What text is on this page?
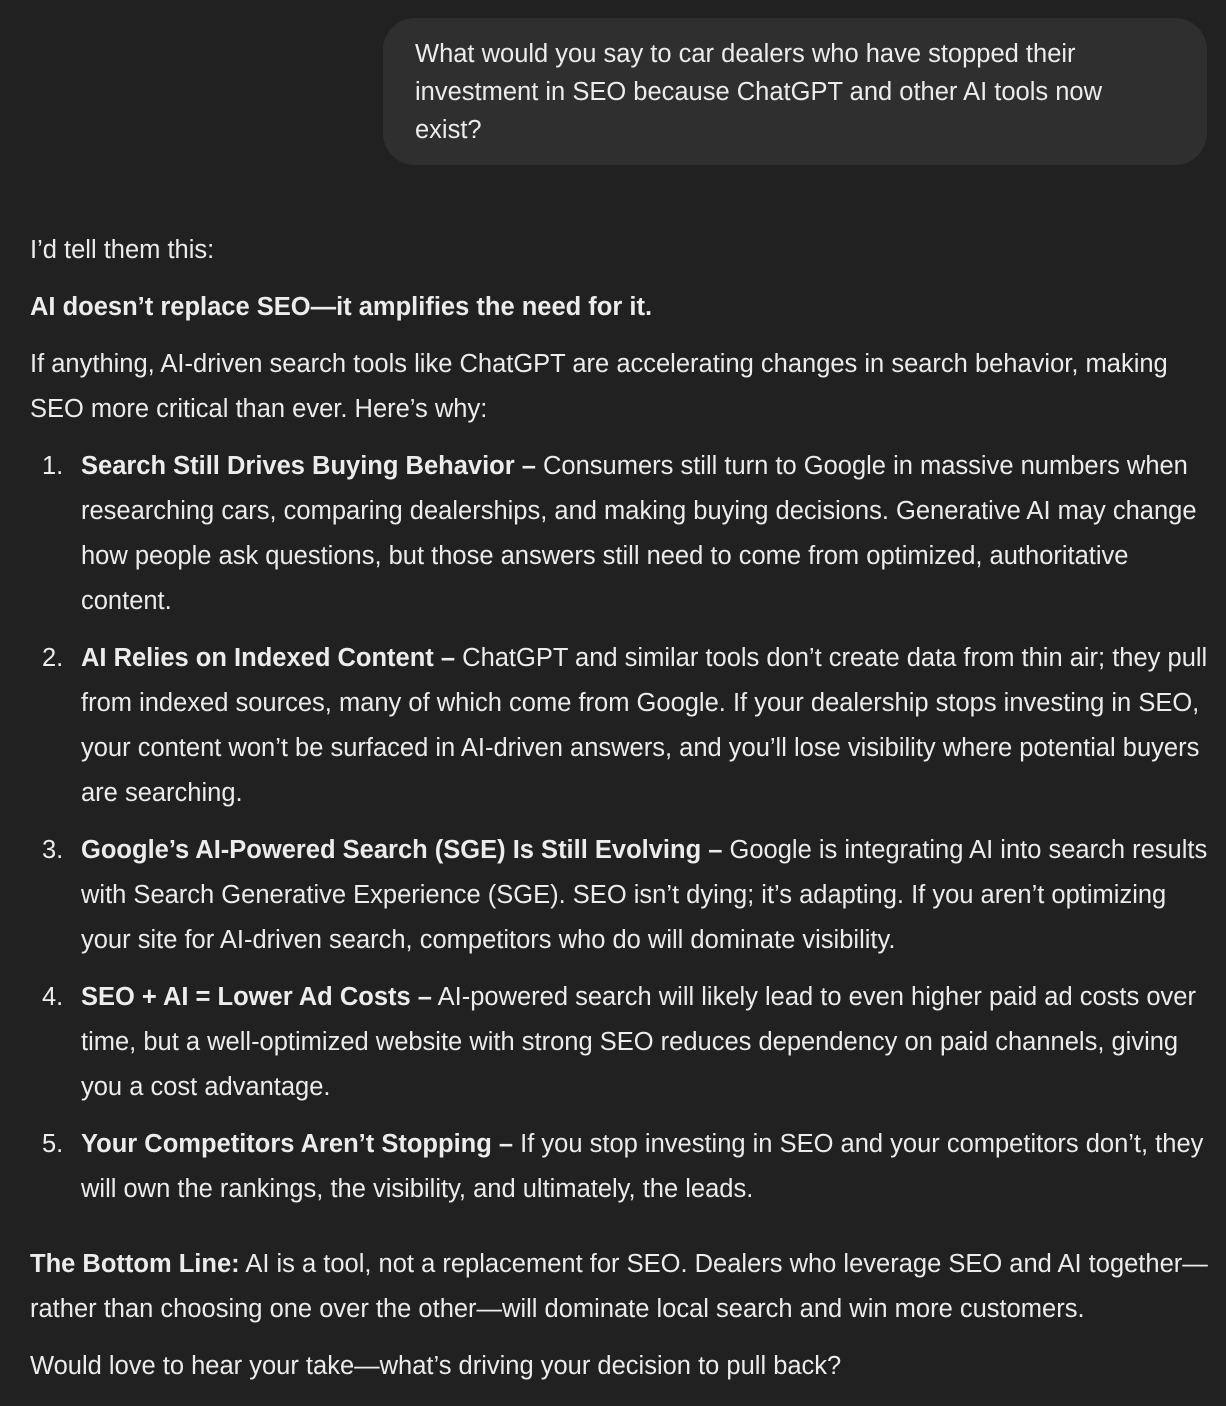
What would you say to car dealers who have stopped their investment in SEO because ChatGPT and other AI tools now exist?

I’d tell them this:

AI doesn’t replace SEO—it amplifies the need for it.

If anything, AI-driven search tools like ChatGPT are accelerating changes in search behavior, making SEO more critical than ever. Here’s why:

1. Search Still Drives Buying Behavior – Consumers still turn to Google in massive numbers when researching cars, comparing dealerships, and making buying decisions. Generative AI may change how people ask questions, but those answers still need to come from optimized, authoritative content.
2. AI Relies on Indexed Content – ChatGPT and similar tools don’t create data from thin air; they pull from indexed sources, many of which come from Google. If your dealership stops investing in SEO, your content won’t be surfaced in AI-driven answers, and you’ll lose visibility where potential buyers are searching.
3. Google’s AI-Powered Search (SGE) Is Still Evolving – Google is integrating AI into search results with Search Generative Experience (SGE). SEO isn’t dying; it’s adapting. If you aren’t optimizing your site for AI-driven search, competitors who do will dominate visibility.
4. SEO + AI = Lower Ad Costs – AI-powered search will likely lead to even higher paid ad costs over time, but a well-optimized website with strong SEO reduces dependency on paid channels, giving you a cost advantage.
5. Your Competitors Aren’t Stopping – If you stop investing in SEO and your competitors don’t, they will own the rankings, the visibility, and ultimately, the leads.

The Bottom Line: AI is a tool, not a replacement for SEO. Dealers who leverage SEO and AI together—rather than choosing one over the other—will dominate local search and win more customers.

Would love to hear your take—what’s driving your decision to pull back?
